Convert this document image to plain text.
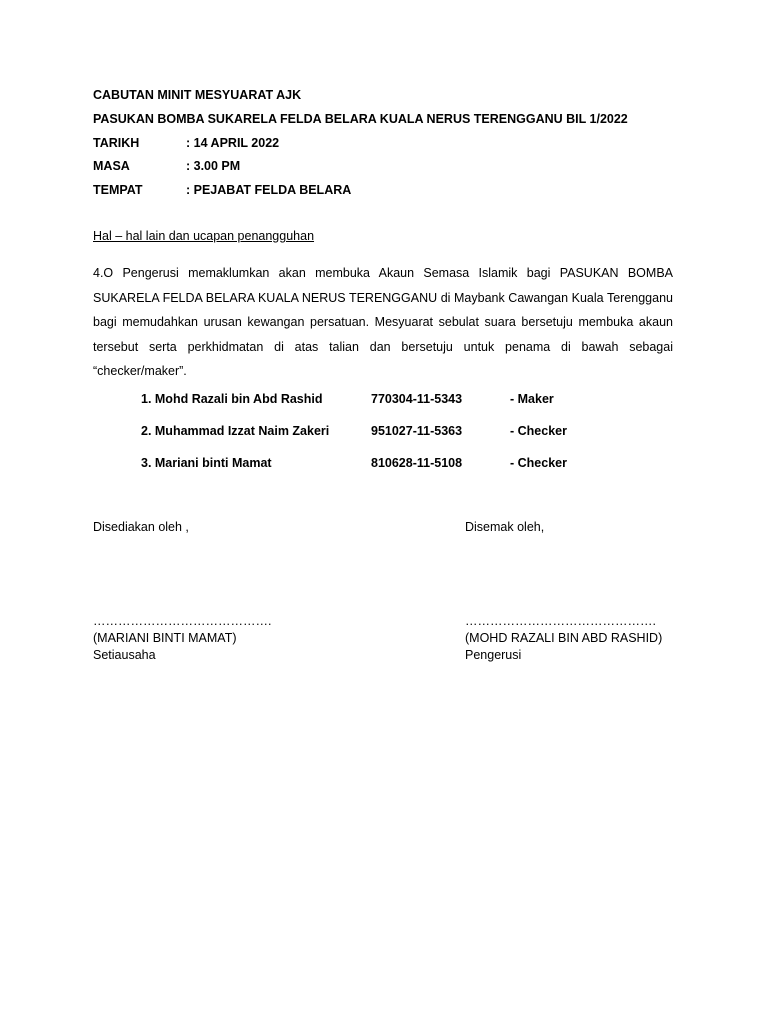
CABUTAN MINIT MESYUARAT AJK
PASUKAN BOMBA SUKARELA FELDA BELARA KUALA NERUS TERENGGANU BIL 1/2022
TARIKH	: 14 APRIL 2022
MASA	: 3.00 PM
TEMPAT	: PEJABAT FELDA BELARA
Hal – hal lain dan ucapan penangguhan
4.O Pengerusi memaklumkan akan membuka Akaun Semasa Islamik bagi PASUKAN BOMBA
SUKARELA FELDA BELARA KUALA NERUS TERENGGANU di Maybank Cawangan Kuala Terengganu
bagi memudahkan urusan kewangan persatuan. Mesyuarat sebulat suara bersetuju membuka akaun
tersebut serta perkhidmatan di atas talian dan bersetuju untuk penama di bawah sebagai
“checker/maker”.
1. Mohd Razali bin Abd Rashid	770304-11-5343	- Maker
2. Muhammad Izzat Naim Zakeri	951027-11-5363	- Checker
3. Mariani binti Mamat	810628-11-5108	- Checker
Disediakan oleh ,
…………………………………….
(MARIANI BINTI MAMAT)
Setiausaha
Disemak oleh,
……………………………………….
(MOHD RAZALI BIN ABD RASHID)
Pengerusi
